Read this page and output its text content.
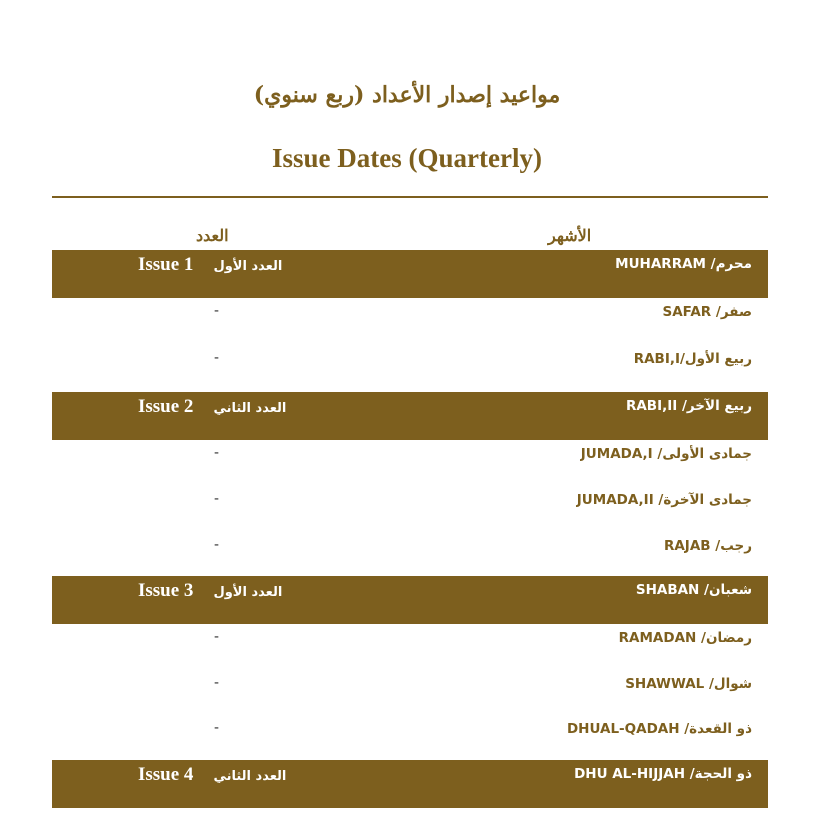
مواعيد إصدار الأعداد (ربع سنوي)
Issue Dates (Quarterly)
العدد	الأشهر
Issue 1 العدد الأول	محرم/ MUHARRAM
-	صفر/ SAFAR
-	ربيع الأول/RABI,I
Issue 2 العدد الثاني	ربيع الآخر/ RABI,II
-	جمادى الأولى/ JUMADA,I
-	جمادى الآخرة/ JUMADA,II
-	رجب/ RAJAB
Issue 3 العدد الأول	شعبان/ SHABAN
-	رمضان/ RAMADAN
-	شوال/ SHAWWAL
-	ذو القعدة/ DHUAL-QADAH
Issue 4 العدد الثاني	ذو الحجة/ DHU AL-HIJJAH
